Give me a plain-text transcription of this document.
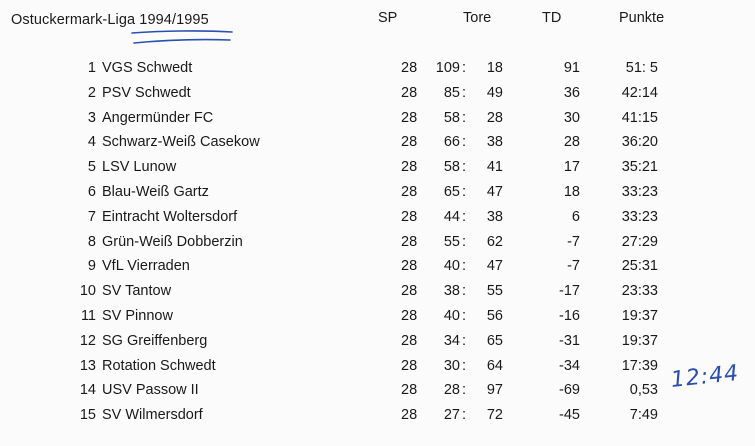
Ostuckermark-Liga 1994/1995	SP	Tore	TD	Punkte
1 VGS Schwedt	28 109 : 18	91	51: 5
2 PSV Schwedt	28 85 : 49	36	42:14
3 Angermünder FC	28 58 : 28	30	41:15
4 Schwarz-Weiß Casekow	28 66 : 38	28	36:20
5 LSV Lunow	28 58 : 41	17	35:21
6 Blau-Weiß Gartz	28 65 : 47	18	33:23
7 Eintracht Woltersdorf	28 44 : 38	6	33:23
8 Grün-Weiß Dobberzin	28 55 : 62	-7	27:29
9 VfL Vierraden	28 40 : 47	-7	25:31
10 SV Tantow	28 38 : 55	-17	23:33
11 SV Pinnow	28 40 : 56	-16	19:37
12 SG Greiffenberg	28 34 : 65	-31	19:37
13 Rotation Schwedt	28 30 : 64	-34	17:39
14 USV Passow II	28 28 : 97	-69	0,53
15 SV Wilmersdorf	28 27 : 72	-45	7:49
12:44
